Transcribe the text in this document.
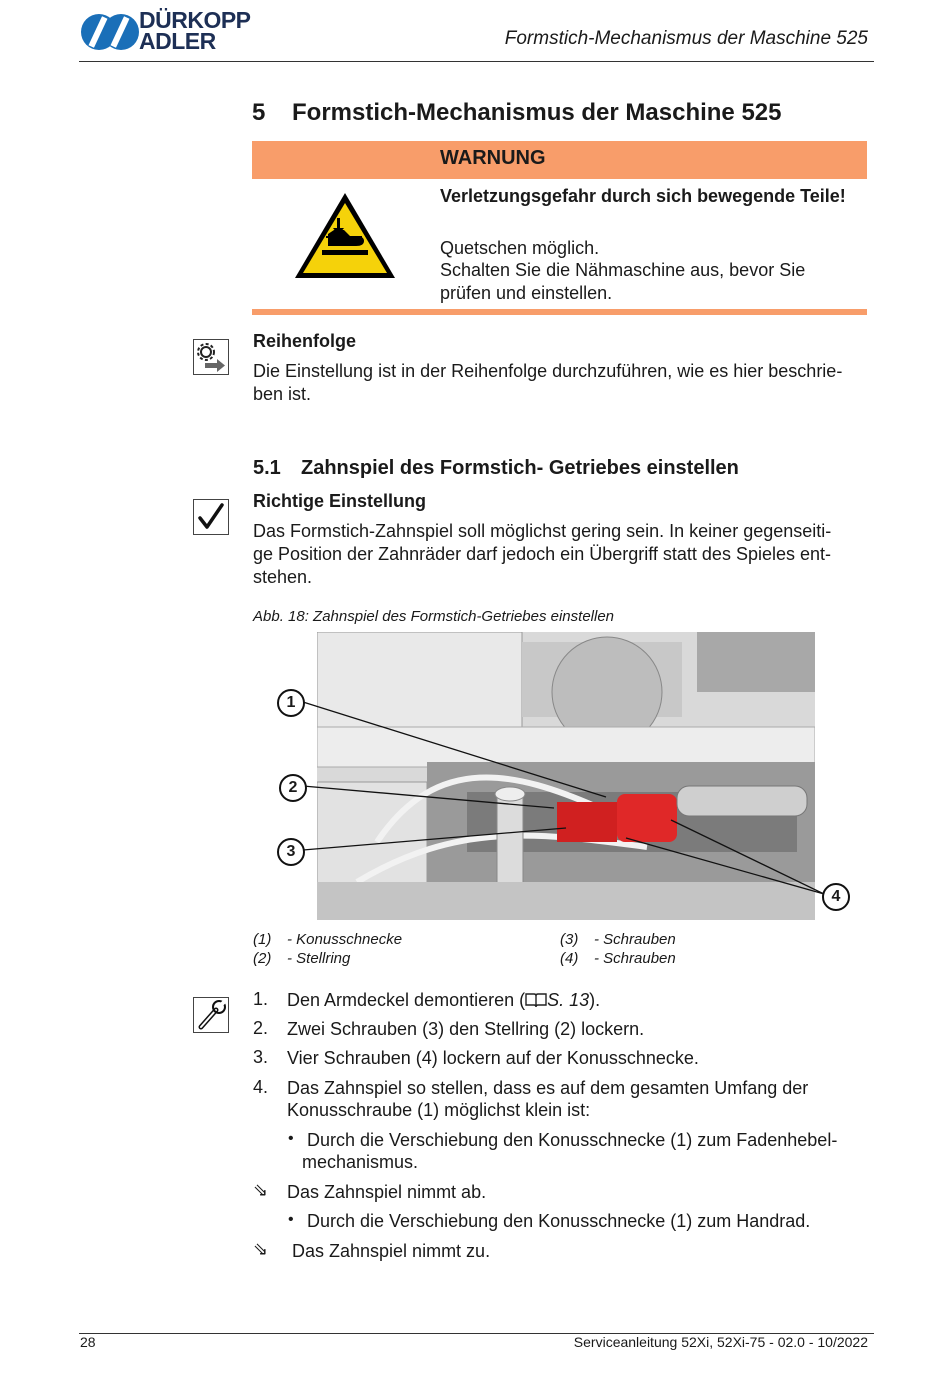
DÜRKOPP
ADLER	Formstich-Mechanismus der Maschine 525
5 Formstich-Mechanismus der Maschine 525
WARNUNG
Verletzungsgefahr durch sich bewegende Teile!
Quetschen möglich.
Schalten Sie die Nähmaschine aus, bevor Sie
prüfen und einstellen.
Reihenfolge
Die Einstellung ist in der Reihenfolge durchzuführen, wie es hier beschrie-
ben ist.
5.1 Zahnspiel des Formstich- Getriebes einstellen
Richtige Einstellung
Das Formstich-Zahnspiel soll möglichst gering sein. In keiner gegenseiti-
ge Position der Zahnräder darf jedoch ein Übergriff statt des Spieles ent-
stehen.
Abb. 18: Zahnspiel des Formstich-Getriebes einstellen
1
2
3
4
(1) - Konusschnecke
(2) - Stellring
(3) - Schrauben
(4) - Schrauben
1. Den Armdeckel demontieren ( S. 13).
2. Zwei Schrauben (3) den Stellring (2) lockern.
3. Vier Schrauben (4) lockern auf der Konusschnecke.
4. Das Zahnspiel so stellen, dass es auf dem gesamten Umfang der
Konusschraube (1) möglichst klein ist:
• Durch die Verschiebung den Konusschnecke (1) zum Fadenhebel-
mechanismus.
⇘ Das Zahnspiel nimmt ab.
• Durch die Verschiebung den Konusschnecke (1) zum Handrad.
⇘ Das Zahnspiel nimmt zu.
28	Serviceanleitung 52Xi, 52Xi-75 - 02.0 - 10/2022
